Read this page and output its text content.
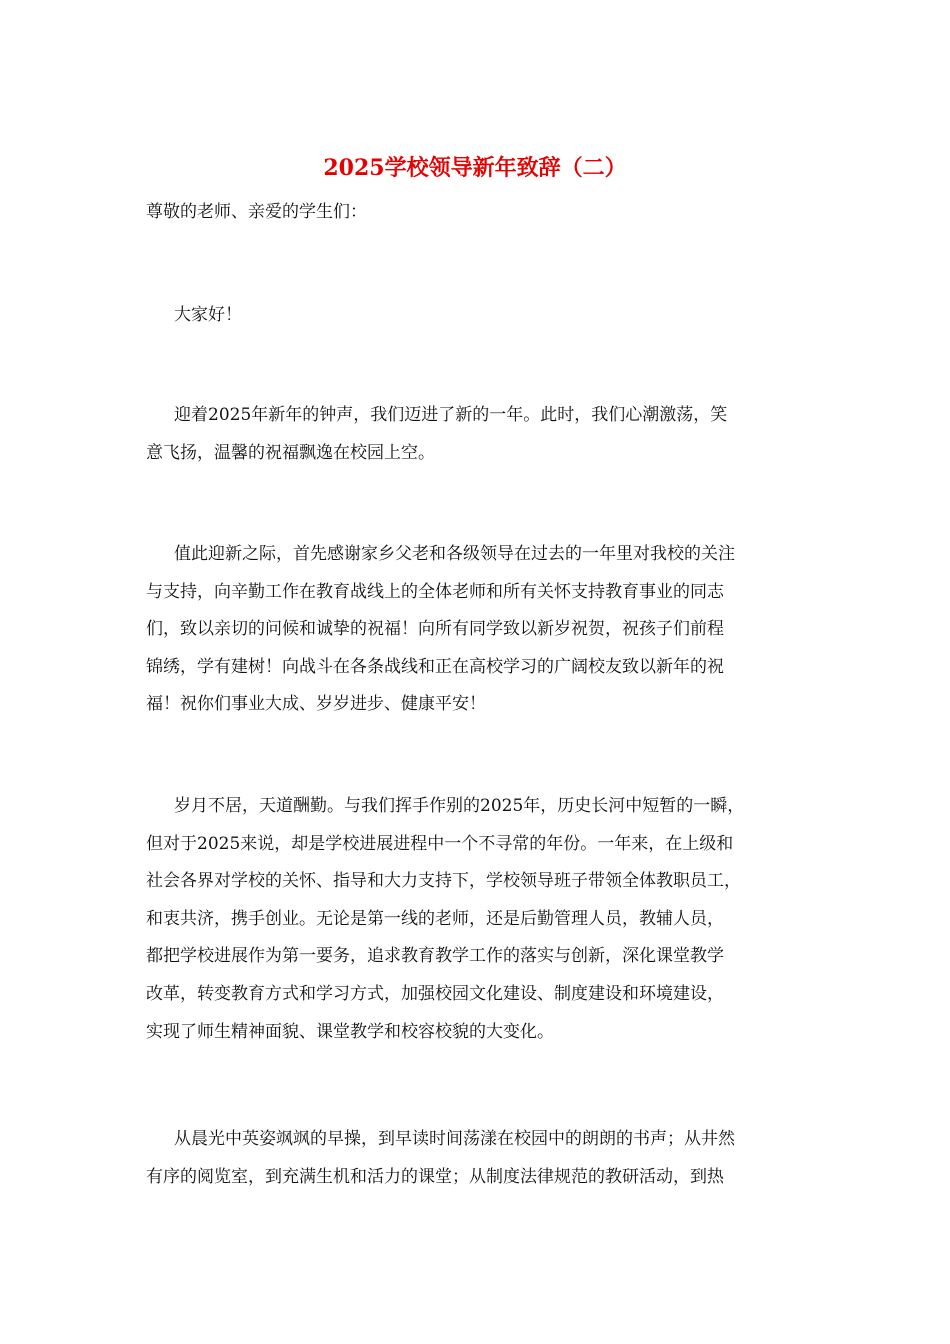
2025学校领导新年致辞（二）

尊敬的老师、亲爱的学生们：

大家好！
迎着2025年新年的钟声，我们迈进了新的一年。此时，我们心潮激荡，笑
意飞扬，温馨的祝福飘逸在校园上空。
值此迎新之际，首先感谢家乡父老和各级领导在过去的一年里对我校的关注
与支持，向辛勤工作在教育战线上的全体老师和所有关怀支持教育事业的同志
们，致以亲切的问候和诚挚的祝福！向所有同学致以新岁祝贺，祝孩子们前程
锦绣，学有建树！向战斗在各条战线和正在高校学习的广阔校友致以新年的祝
福！祝你们事业大成、岁岁进步、健康平安！
岁月不居，天道酬勤。与我们挥手作别的2025年，历史长河中短暂的一瞬，
但对于2025来说，却是学校进展进程中一个不寻常的年份。一年来，在上级和
社会各界对学校的关怀、指导和大力支持下，学校领导班子带领全体教职员工，
和衷共济，携手创业。无论是第一线的老师，还是后勤管理人员，教辅人员，
都把学校进展作为第一要务，追求教育教学工作的落实与创新，深化课堂教学
改革，转变教育方式和学习方式，加强校园文化建设、制度建设和环境建设，
实现了师生精神面貌、课堂教学和校容校貌的大变化。
从晨光中英姿飒飒的早操，到早读时间荡漾在校园中的朗朗的书声；从井然
有序的阅览室，到充满生机和活力的课堂；从制度法律规范的教研活动，到热
